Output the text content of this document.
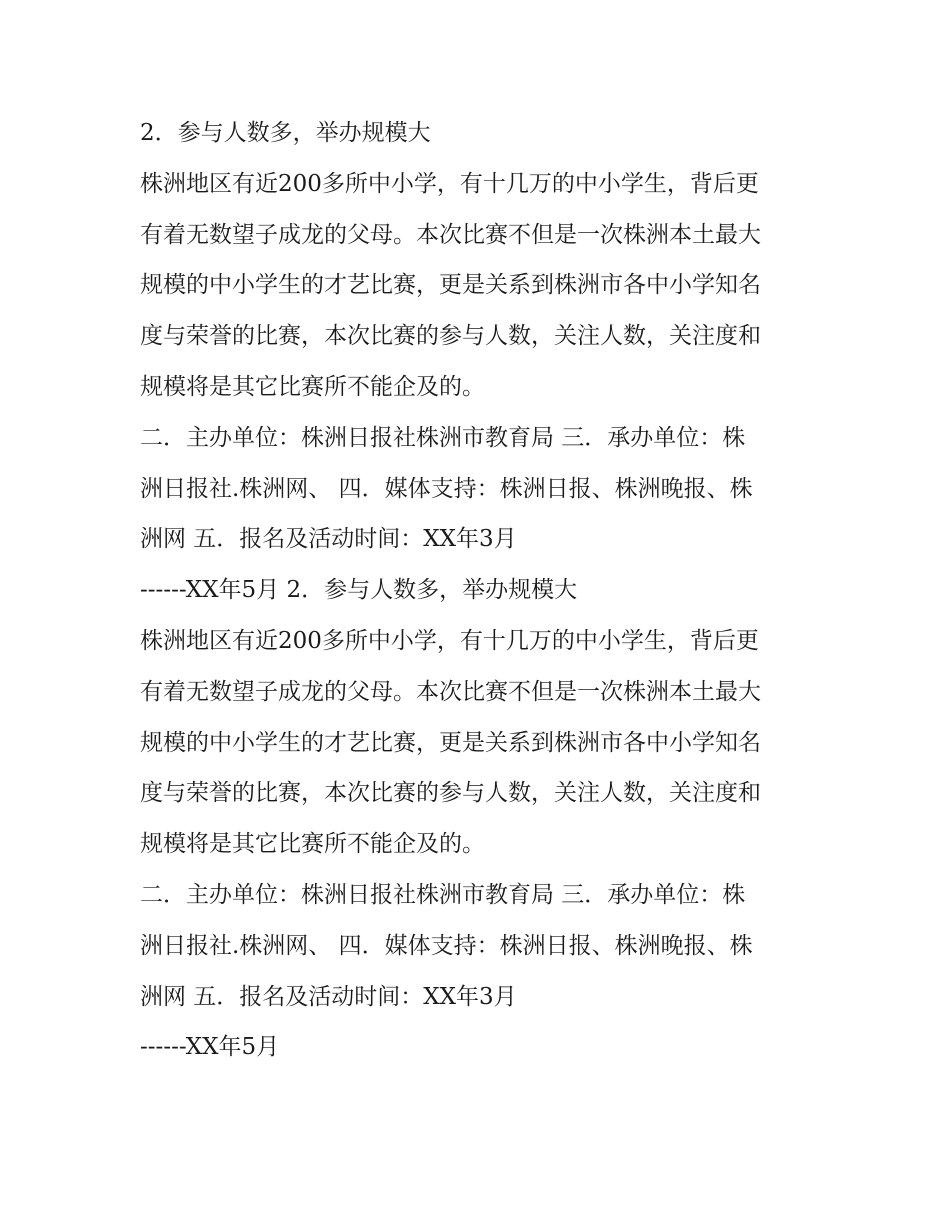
2．参与人数多，举办规模大
株洲地区有近200多所中小学，有十几万的中小学生，背后更
有着无数望子成龙的父母。本次比赛不但是一次株洲本土最大
规模的中小学生的才艺比赛，更是关系到株洲市各中小学知名
度与荣誉的比赛，本次比赛的参与人数，关注人数，关注度和
规模将是其它比赛所不能企及的。
二．主办单位：株洲日报社株洲市教育局 三．承办单位：株
洲日报社.株洲网、 四．媒体支持：株洲日报、株洲晚报、株
洲网 五．报名及活动时间：XX年3月
------XX年5月 2．参与人数多，举办规模大
株洲地区有近200多所中小学，有十几万的中小学生，背后更
有着无数望子成龙的父母。本次比赛不但是一次株洲本土最大
规模的中小学生的才艺比赛，更是关系到株洲市各中小学知名
度与荣誉的比赛，本次比赛的参与人数，关注人数，关注度和
规模将是其它比赛所不能企及的。
二．主办单位：株洲日报社株洲市教育局 三．承办单位：株
洲日报社.株洲网、 四．媒体支持：株洲日报、株洲晚报、株
洲网 五．报名及活动时间：XX年3月
------XX年5月
